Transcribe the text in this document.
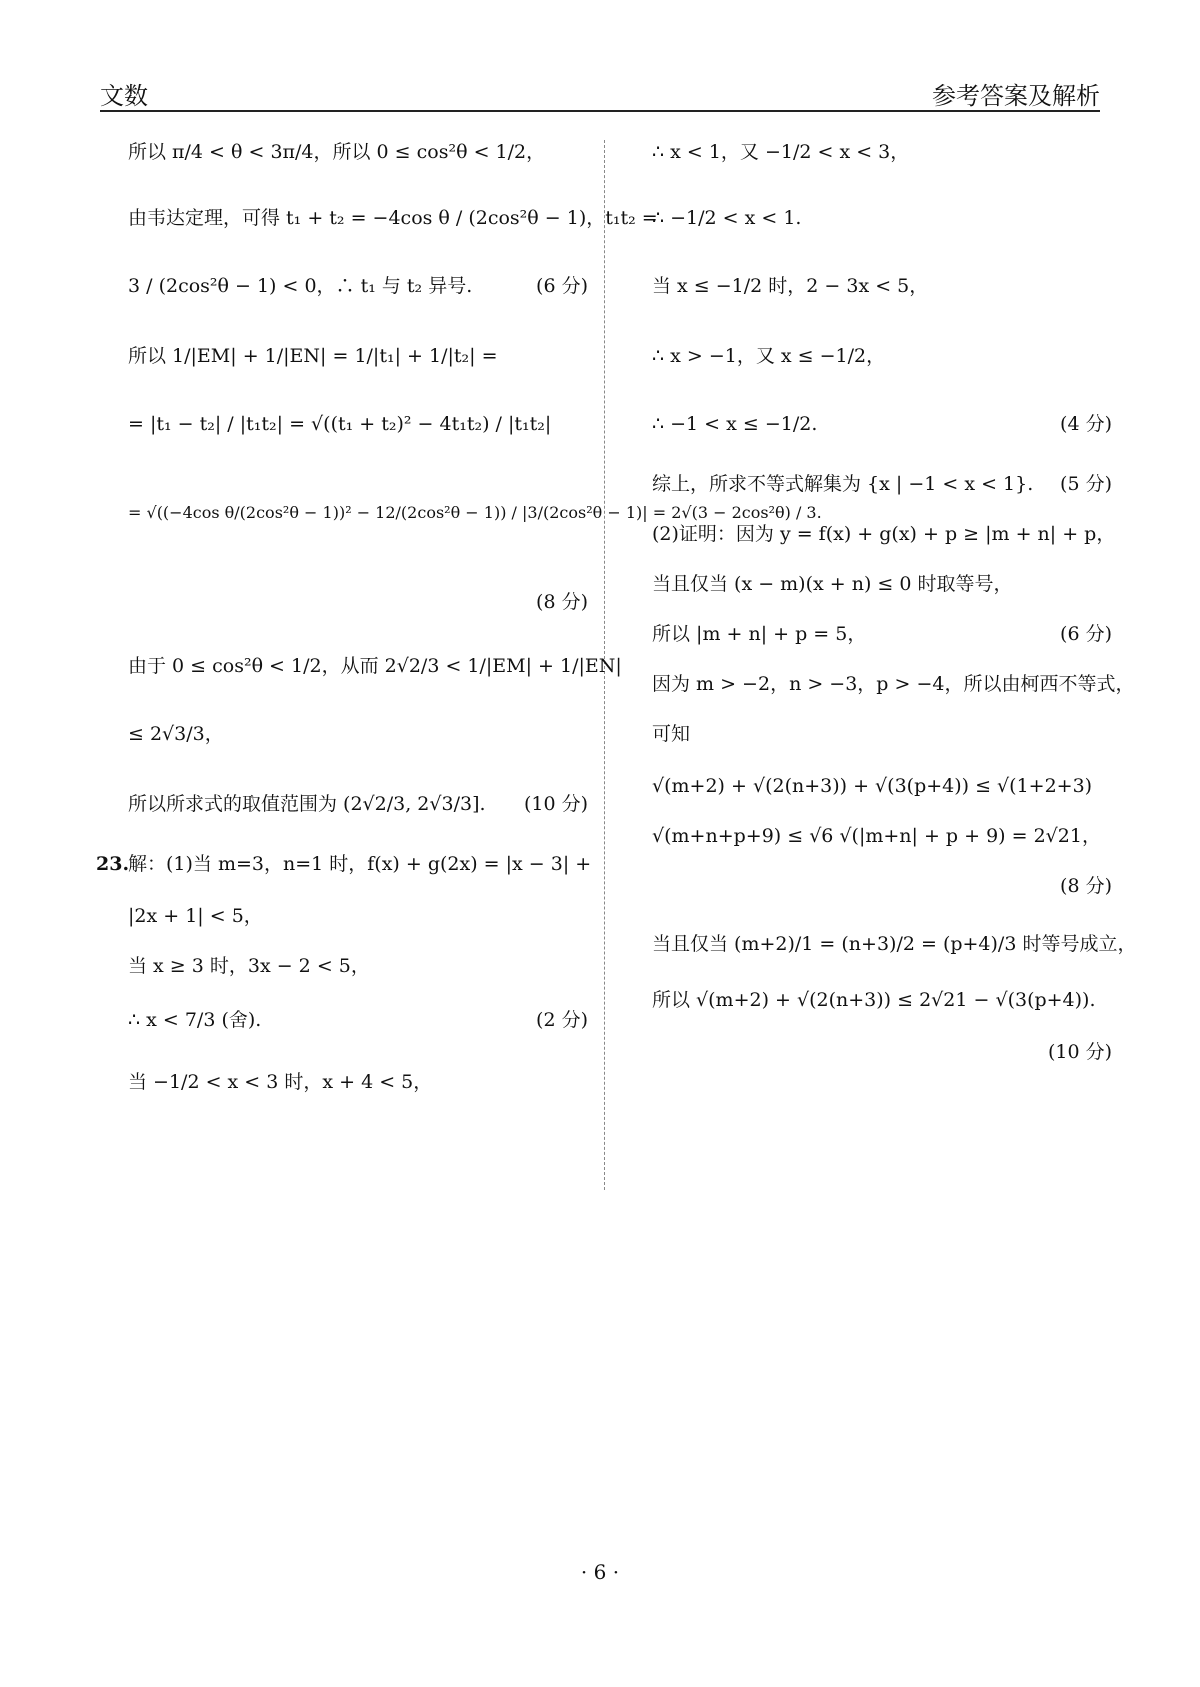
文数	参考答案及解析
所以 π/4 < θ < 3π/4，所以 0 ≤ cos²θ < 1/2，
由韦达定理，可得 t₁ + t₂ = −4cos θ / (2cos²θ − 1)，t₁t₂ =
3 / (2cos²θ − 1) < 0，∴ t₁ 与 t₂ 异号.	(6 分)
所以 1/|EM| + 1/|EN| = 1/|t₁| + 1/|t₂| =
= |t₁ − t₂| / |t₁t₂| = √((t₁ + t₂)² − 4t₁t₂) / |t₁t₂|
= √((−4cos θ/(2cos²θ − 1))² − 12/(2cos²θ − 1)) / |3/(2cos²θ − 1)| = 2√(3 − 2cos²θ) / 3.
(8 分)
由于 0 ≤ cos²θ < 1/2，从而 2√2/3 < 1/|EM| + 1/|EN|
≤ 2√3/3，
所以所求式的取值范围为 (2√2/3, 2√3/3].	(10 分)
23.
解：(1)当 m=3，n=1 时，f(x) + g(2x) = |x − 3| +
|2x + 1| < 5，
当 x ≥ 3 时，3x − 2 < 5，
∴ x < 7/3 (舍).	(2 分)
当 −1/2 < x < 3 时，x + 4 < 5，
∴ x < 1，又 −1/2 < x < 3，
∴ −1/2 < x < 1.
当 x ≤ −1/2 时，2 − 3x < 5，
∴ x > −1，又 x ≤ −1/2，
∴ −1 < x ≤ −1/2.	(4 分)
综上，所求不等式解集为 {x | −1 < x < 1}.	(5 分)
(2)证明：因为 y = f(x) + g(x) + p ≥ |m + n| + p，
当且仅当 (x − m)(x + n) ≤ 0 时取等号，
所以 |m + n| + p = 5，	(6 分)
因为 m > −2，n > −3，p > −4，所以由柯西不等式，
可知
√(m+2) + √(2(n+3)) + √(3(p+4)) ≤ √(1+2+3)
√(m+n+p+9) ≤ √6 √(|m+n| + p + 9) = 2√21，
(8 分)
当且仅当 (m+2)/1 = (n+3)/2 = (p+4)/3 时等号成立，
所以 √(m+2) + √(2(n+3)) ≤ 2√21 − √(3(p+4)).
(10 分)
· 6 ·
